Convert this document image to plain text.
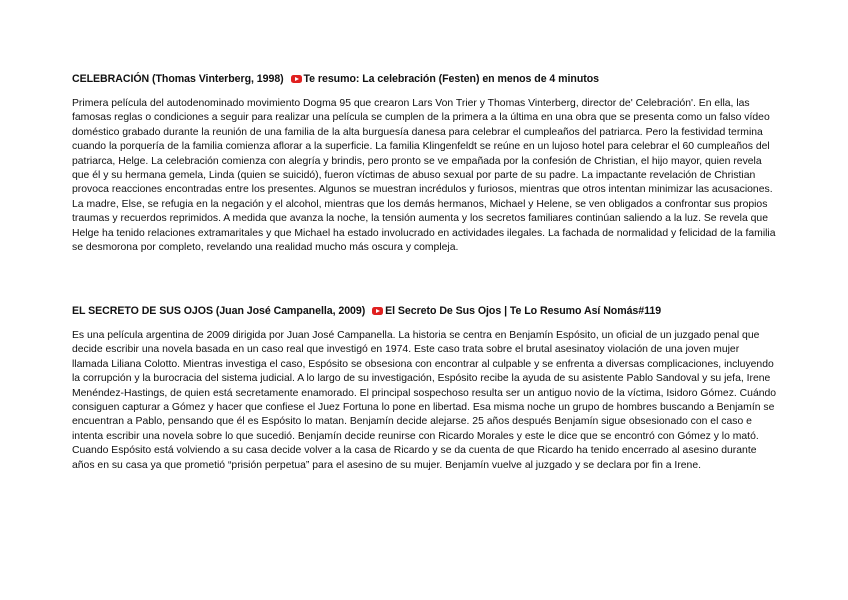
CELEBRACIÓN (Thomas Vinterberg, 1998) Te resumo: La celebración (Festen) en menos de 4 minutos
Primera película del autodenominado movimiento Dogma 95 que crearon Lars Von Trier y Thomas Vinterberg, director de' Celebración'. En ella, las famosas reglas o condiciones a seguir para realizar una película se cumplen de la primera a la última en una obra que se presenta como un falso vídeo doméstico grabado durante la reunión de una familia de la alta burguesía danesa para celebrar el cumpleaños del patriarca. Pero la festividad termina cuando la porquería de la familia comienza aflorar a la superficie. La familia Klingenfeldt se reúne en un lujoso hotel para celebrar el 60 cumpleaños del patriarca, Helge. La celebración comienza con alegría y brindis, pero pronto se ve empañada por la confesión de Christian, el hijo mayor, quien revela que él y su hermana gemela, Linda (quien se suicidó), fueron víctimas de abuso sexual por parte de su padre. La impactante revelación de Christian provoca reacciones encontradas entre los presentes. Algunos se muestran incrédulos y furiosos, mientras que otros intentan minimizar las acusaciones. La madre, Else, se refugia en la negación y el alcohol, mientras que los demás hermanos, Michael y Helene, se ven obligados a confrontar sus propios traumas y recuerdos reprimidos. A medida que avanza la noche, la tensión aumenta y los secretos familiares continúan saliendo a la luz. Se revela que Helge ha tenido relaciones extramaritales y que Michael ha estado involucrado en actividades ilegales. La fachada de normalidad y felicidad de la familia se desmorona por completo, revelando una realidad mucho más oscura y compleja.
EL SECRETO DE SUS OJOS (Juan José Campanella, 2009) El Secreto De Sus Ojos | Te Lo Resumo Así Nomás#119
Es una película argentina de 2009 dirigida por Juan José Campanella. La historia se centra en Benjamín Espósito, un oficial de un juzgado penal que decide escribir una novela basada en un caso real que investigó en 1974. Este caso trata sobre el brutal asesinatoy violación de una joven mujer llamada Liliana Colotto. Mientras investiga el caso, Espósito se obsesiona con encontrar al culpable y se enfrenta a diversas complicaciones, incluyendo la corrupción y la burocracia del sistema judicial. A lo largo de su investigación, Espósito recibe la ayuda de su asistente Pablo Sandoval y su jefa, Irene Menéndez-Hastings, de quien está secretamente enamorado. El principal sospechoso resulta ser un antiguo novio de la víctima, Isidoro Gómez. Cuándo consiguen capturar a Gómez y hacer que confiese el Juez Fortuna lo pone en libertad. Esa misma noche un grupo de hombres buscando a Benjamín se encuentran a Pablo, pensando que él es Espósito lo matan. Benjamín decide alejarse. 25 años después Benjamín sigue obsesionado con el caso e intenta escribir una novela sobre lo que sucedió. Benjamín decide reunirse con Ricardo Morales y este le dice que se encontró con Gómez y lo mató. Cuando Espósito está volviendo a su casa decide volver a la casa de Ricardo y se da cuenta de que Ricardo ha tenido encerrado al asesino durante años en su casa ya que prometió “prisión perpetua” para el asesino de su mujer. Benjamín vuelve al juzgado y se declara por fin a Irene.
